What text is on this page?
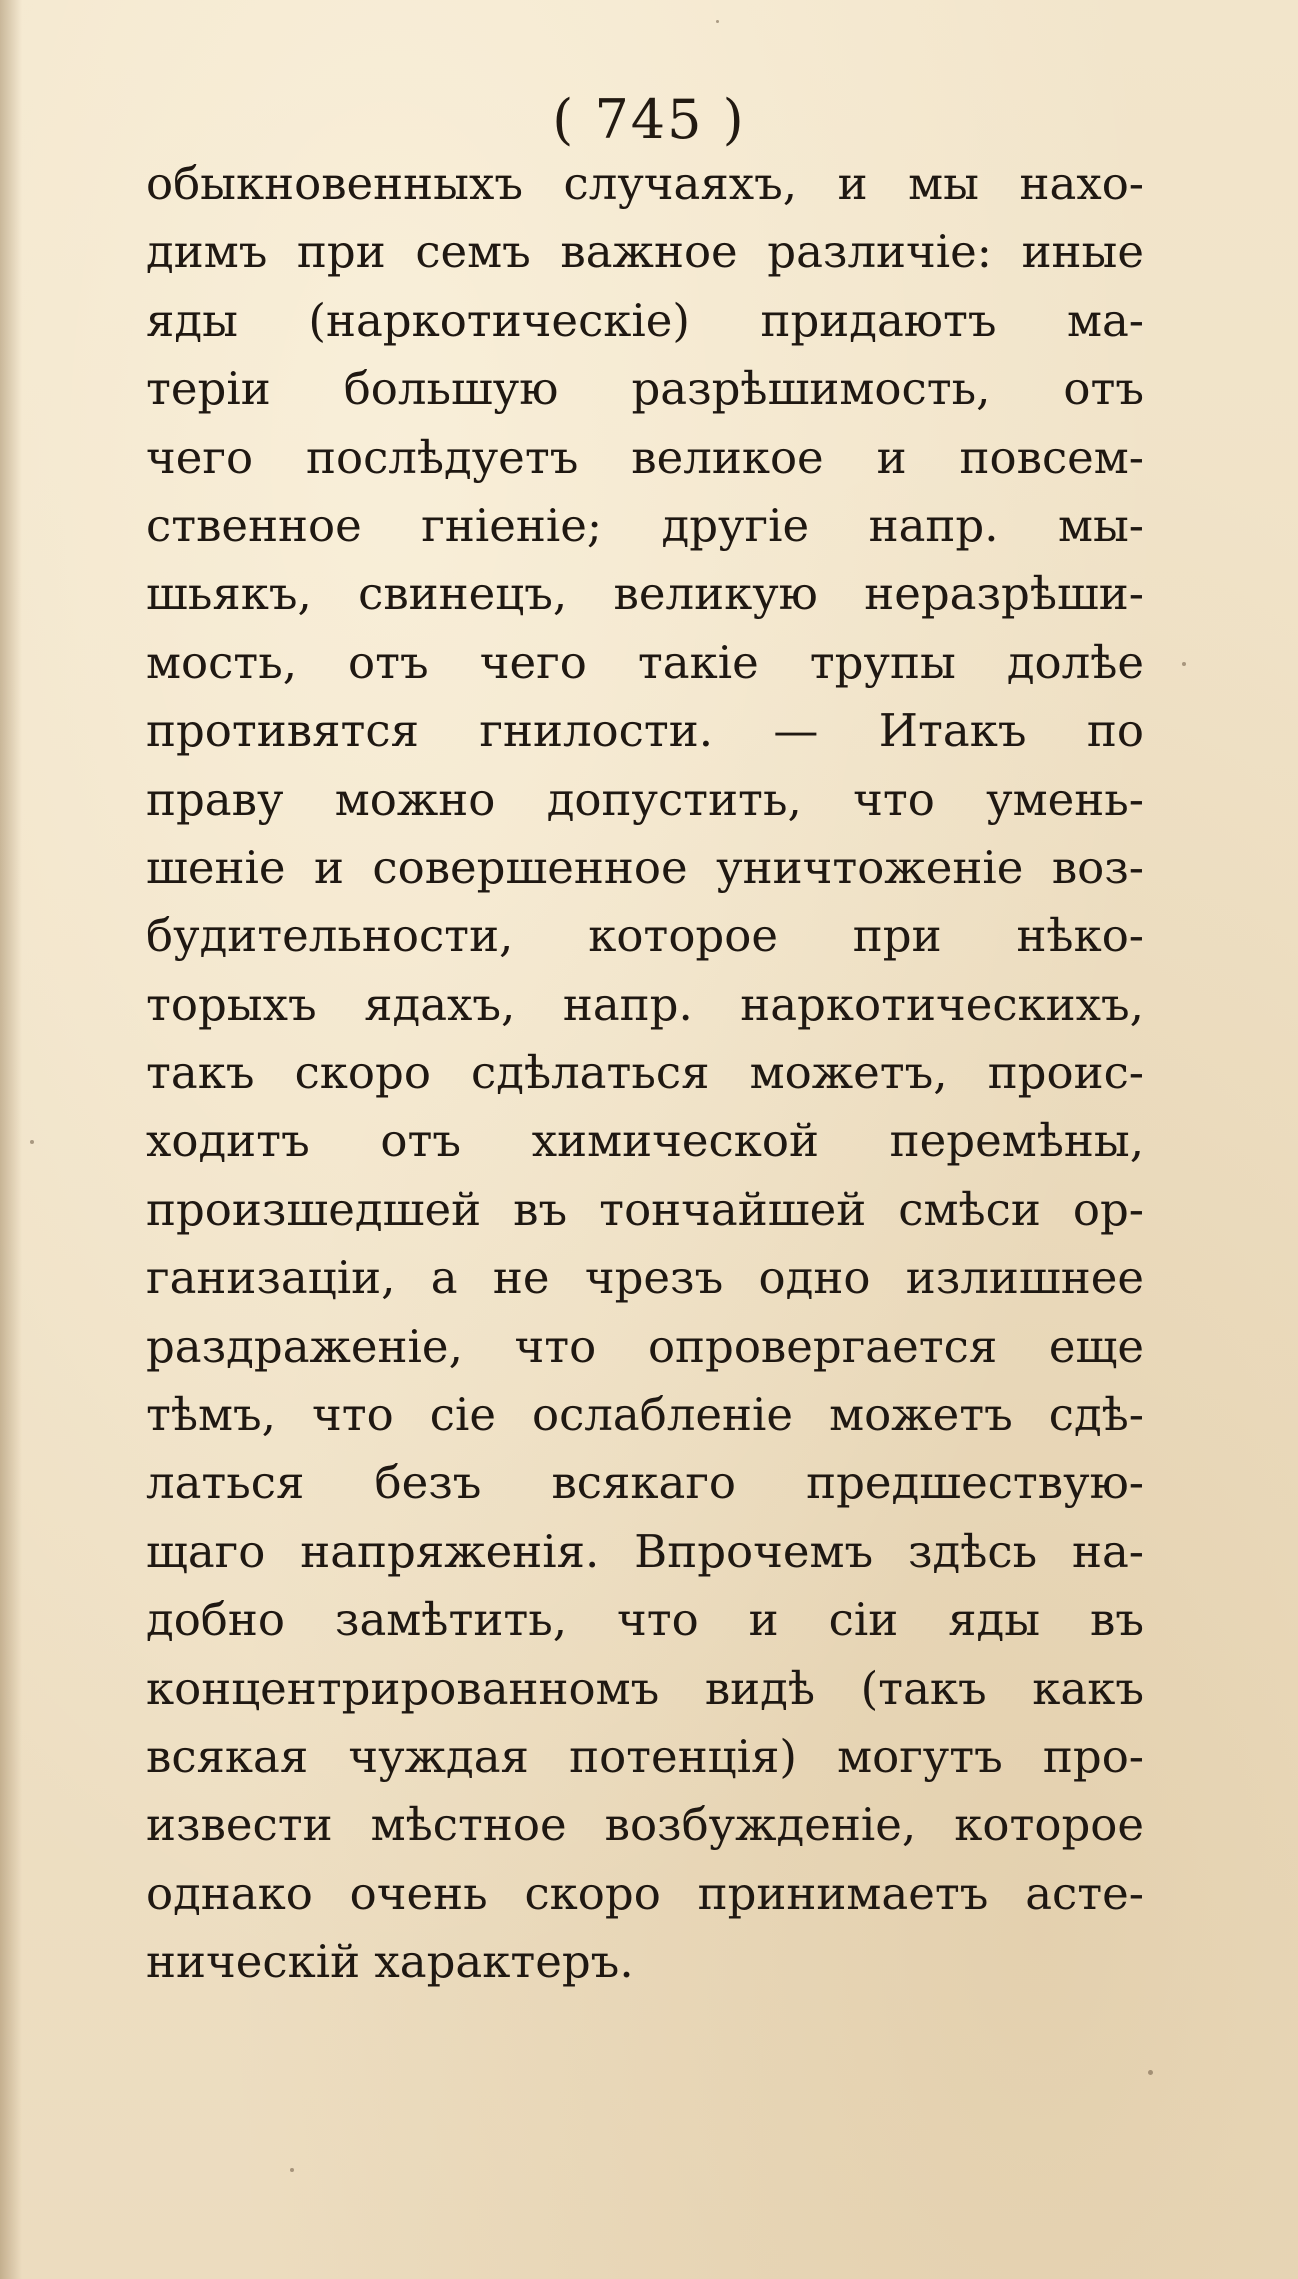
( 745 )
обыкновенныхъ случаяхъ, и мы нахо-
димъ при семъ важное различiе: иные
яды (наркотическiе) придаютъ ма-
терiи большую разрѣшимость, отъ
чего послѣдуетъ великое и повсем-
ственное гнiенiе; другiе напр. мы-
шьякъ, свинецъ, великую неразрѣши-
мость, отъ чего такiе трупы долѣе
противятся гнилости. — Итакъ по
праву можно допустить, что умень-
шенiе и совершенное уничтоженiе воз-
будительности, которое при нѣко-
торыхъ ядахъ, напр. наркотическихъ,
такъ скоро сдѣлаться можетъ, проис-
ходитъ отъ химической перемѣны,
произшедшей въ тончайшей смѣси ор-
ганизацiи, а не чрезъ одно излишнее
раздраженiе, что опровергается еще
тѣмъ, что сiе ослабленiе можетъ сдѣ-
латься безъ всякаго предшествую-
щаго напряженiя. Впрочемъ здѣсь на-
добно замѣтить, что и сiи яды въ
концентрированномъ видѣ (такъ какъ
всякая чуждая потенцiя) могутъ про-
извести мѣстное возбужденiе, которое
однако очень скоро принимаетъ асте-
ническiй характеръ.
